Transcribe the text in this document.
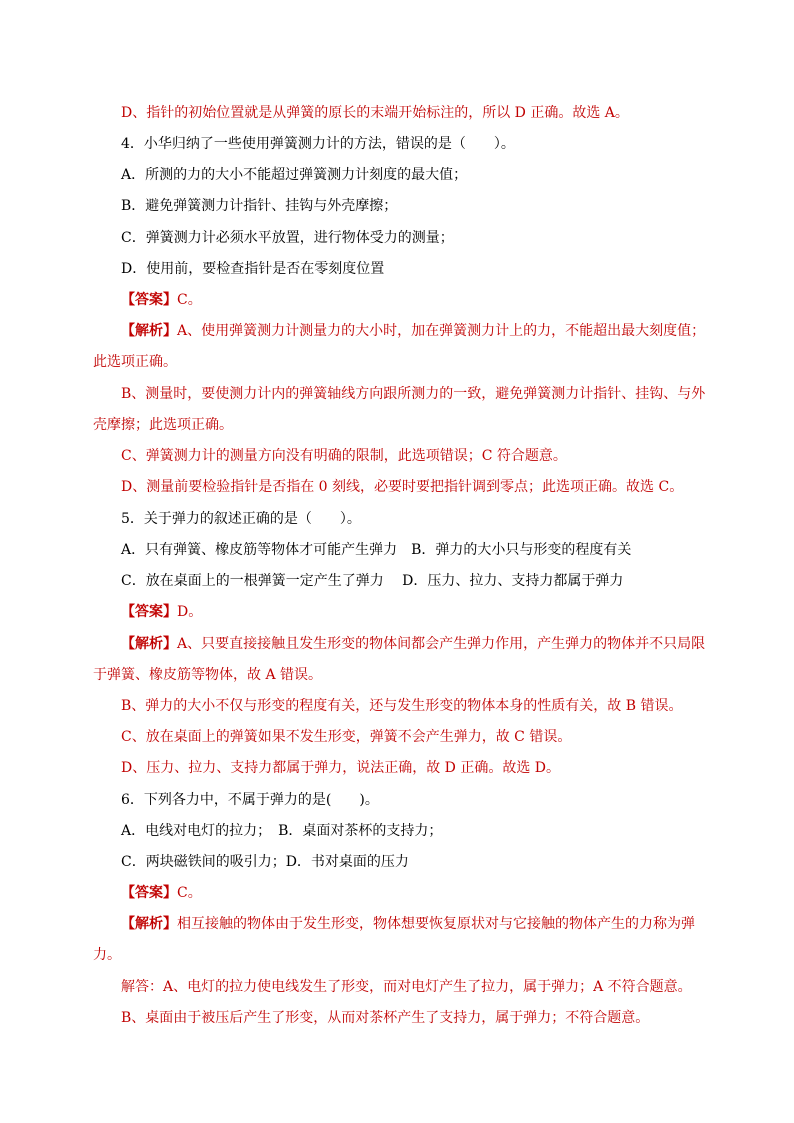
D、指针的初始位置就是从弹簧的原长的末端开始标注的，所以 D 正确。故选 A。
4．小华归纳了一些使用弹簧测力计的方法，错误的是（　　）。
A．所测的力的大小不能超过弹簧测力计刻度的最大值；
B．避免弹簧测力计指针、挂钩与外壳摩擦；
C．弹簧测力计必须水平放置，进行物体受力的测量；
D．使用前，要检查指针是否在零刻度位置
【答案】C。
【解析】A、使用弹簧测力计测量力的大小时，加在弹簧测力计上的力，不能超出最大刻度值；
此选项正确。
B、测量时，要使测力计内的弹簧轴线方向跟所测力的一致，避免弹簧测力计指针、挂钩、与外
壳摩擦；此选项正确。
C、弹簧测力计的测量方向没有明确的限制，此选项错误；C 符合题意。
D、测量前要检验指针是否指在 0 刻线，必要时要把指针调到零点；此选项正确。故选 C。
5．关于弹力的叙述正确的是（　　）。
A．只有弹簧、橡皮筋等物体才可能产生弹力　B．弹力的大小只与形变的程度有关
C．放在桌面上的一根弹簧一定产生了弹力　 D．压力、拉力、支持力都属于弹力
【答案】D。
【解析】A、只要直接接触且发生形变的物体间都会产生弹力作用，产生弹力的物体并不只局限
于弹簧、橡皮筋等物体，故 A 错误。
B、弹力的大小不仅与形变的程度有关，还与发生形变的物体本身的性质有关，故 B 错误。
C、放在桌面上的弹簧如果不发生形变，弹簧不会产生弹力，故 C 错误。
D、压力、拉力、支持力都属于弹力，说法正确，故 D 正确。故选 D。
6．下列各力中，不属于弹力的是(　　)。
A．电线对电灯的拉力；　B．桌面对茶杯的支持力；
C．两块磁铁间的吸引力；D．书对桌面的压力
【答案】C。
【解析】相互接触的物体由于发生形变，物体想要恢复原状对与它接触的物体产生的力称为弹
力。
解答：A、电灯的拉力使电线发生了形变，而对电灯产生了拉力，属于弹力；A 不符合题意。
B、桌面由于被压后产生了形变，从而对茶杯产生了支持力，属于弹力；不符合题意。
